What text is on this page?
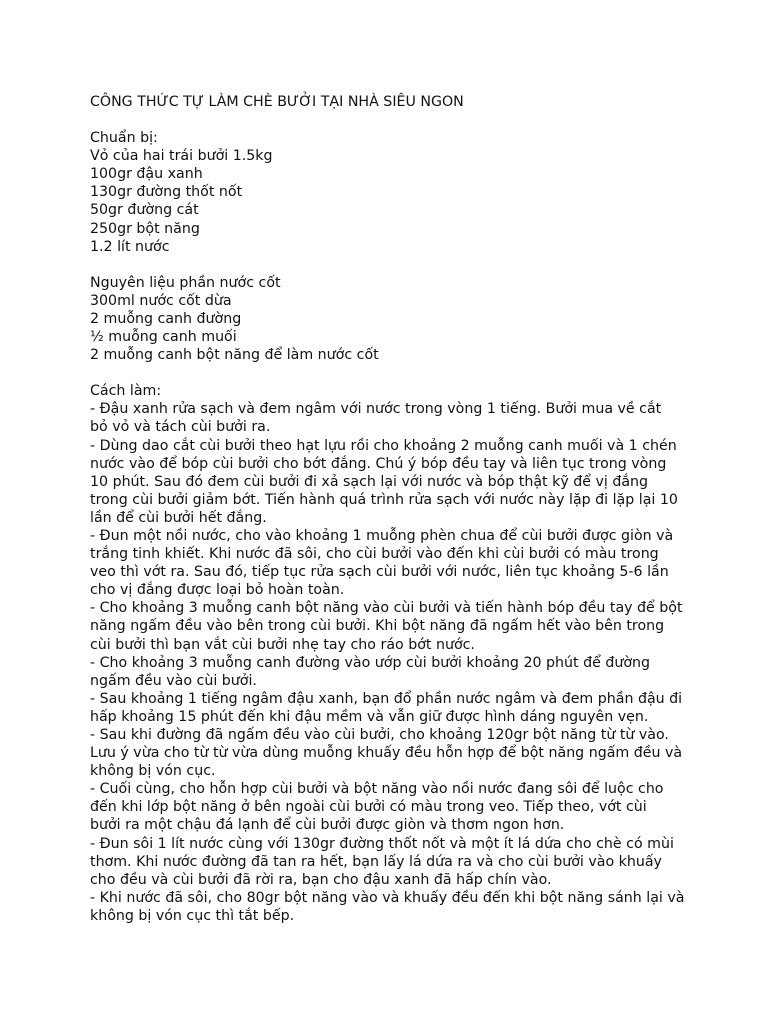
CÔNG THỨC TỰ LÀM CHÈ BƯỞI TẠI NHÀ SIÊU NGON
Chuẩn bị:
Vỏ của hai trái bưởi 1.5kg
100gr đậu xanh
130gr đường thốt nốt
50gr đường cát
250gr bột năng
1.2 lít nước
Nguyên liệu phần nước cốt
300ml nước cốt dừa
2 muỗng canh đường
½ muỗng canh muối
2 muỗng canh bột năng để làm nước cốt
Cách làm:
- Đậu xanh rửa sạch và đem ngâm với nước trong vòng 1 tiếng. Bưởi mua về cắt
bỏ vỏ và tách cùi bưởi ra.
- Dùng dao cắt cùi bưởi theo hạt lựu rồi cho khoảng 2 muỗng canh muối và 1 chén
nước vào để bóp cùi bưởi cho bớt đắng. Chú ý bóp đều tay và liên tục trong vòng
10 phút. Sau đó đem cùi bưởi đi xả sạch lại với nước và bóp thật kỹ để vị đắng
trong cùi bưởi giảm bớt. Tiến hành quá trình rửa sạch với nước này lặp đi lặp lại 10
lần để cùi bưởi hết đắng.
- Đun một nồi nước, cho vào khoảng 1 muỗng phèn chua để cùi bưởi được giòn và
trắng tinh khiết. Khi nước đã sôi, cho cùi bưởi vào đến khi cùi bưởi có màu trong
veo thì vớt ra. Sau đó, tiếp tục rửa sạch cùi bưởi với nước, liên tục khoảng 5-6 lần
cho vị đắng được loại bỏ hoàn toàn.
- Cho khoảng 3 muỗng canh bột năng vào cùi bưởi và tiến hành bóp đều tay để bột
năng ngấm đều vào bên trong cùi bưởi. Khi bột năng đã ngấm hết vào bên trong
cùi bưởi thì bạn vắt cùi bưởi nhẹ tay cho ráo bớt nước.
- Cho khoảng 3 muỗng canh đường vào ướp cùi bưởi khoảng 20 phút để đường
ngấm đều vào cùi bưởi.
- Sau khoảng 1 tiếng ngâm đậu xanh, bạn đổ phần nước ngâm và đem phần đậu đi
hấp khoảng 15 phút đến khi đậu mềm và vẫn giữ được hình dáng nguyên vẹn.
- Sau khi đường đã ngấm đều vào cùi bưởi, cho khoảng 120gr bột năng từ từ vào.
Lưu ý vừa cho từ từ vừa dùng muỗng khuấy đều hỗn hợp để bột năng ngấm đều và
không bị vón cục.
- Cuối cùng, cho hỗn hợp cùi bưởi và bột năng vào nồi nước đang sôi để luộc cho
đến khi lớp bột năng ở bên ngoài cùi bưởi có màu trong veo. Tiếp theo, vớt cùi
bưởi ra một chậu đá lạnh để cùi bưởi được giòn và thơm ngon hơn.
- Đun sôi 1 lít nước cùng với 130gr đường thốt nốt và một ít lá dứa cho chè có mùi
thơm. Khi nước đường đã tan ra hết, bạn lấy lá dứa ra và cho cùi bưởi vào khuấy
cho đều và cùi bưởi đã rời ra, bạn cho đậu xanh đã hấp chín vào.
- Khi nước đã sôi, cho 80gr bột năng vào và khuấy đều đến khi bột năng sánh lại và
không bị vón cục thì tắt bếp.
